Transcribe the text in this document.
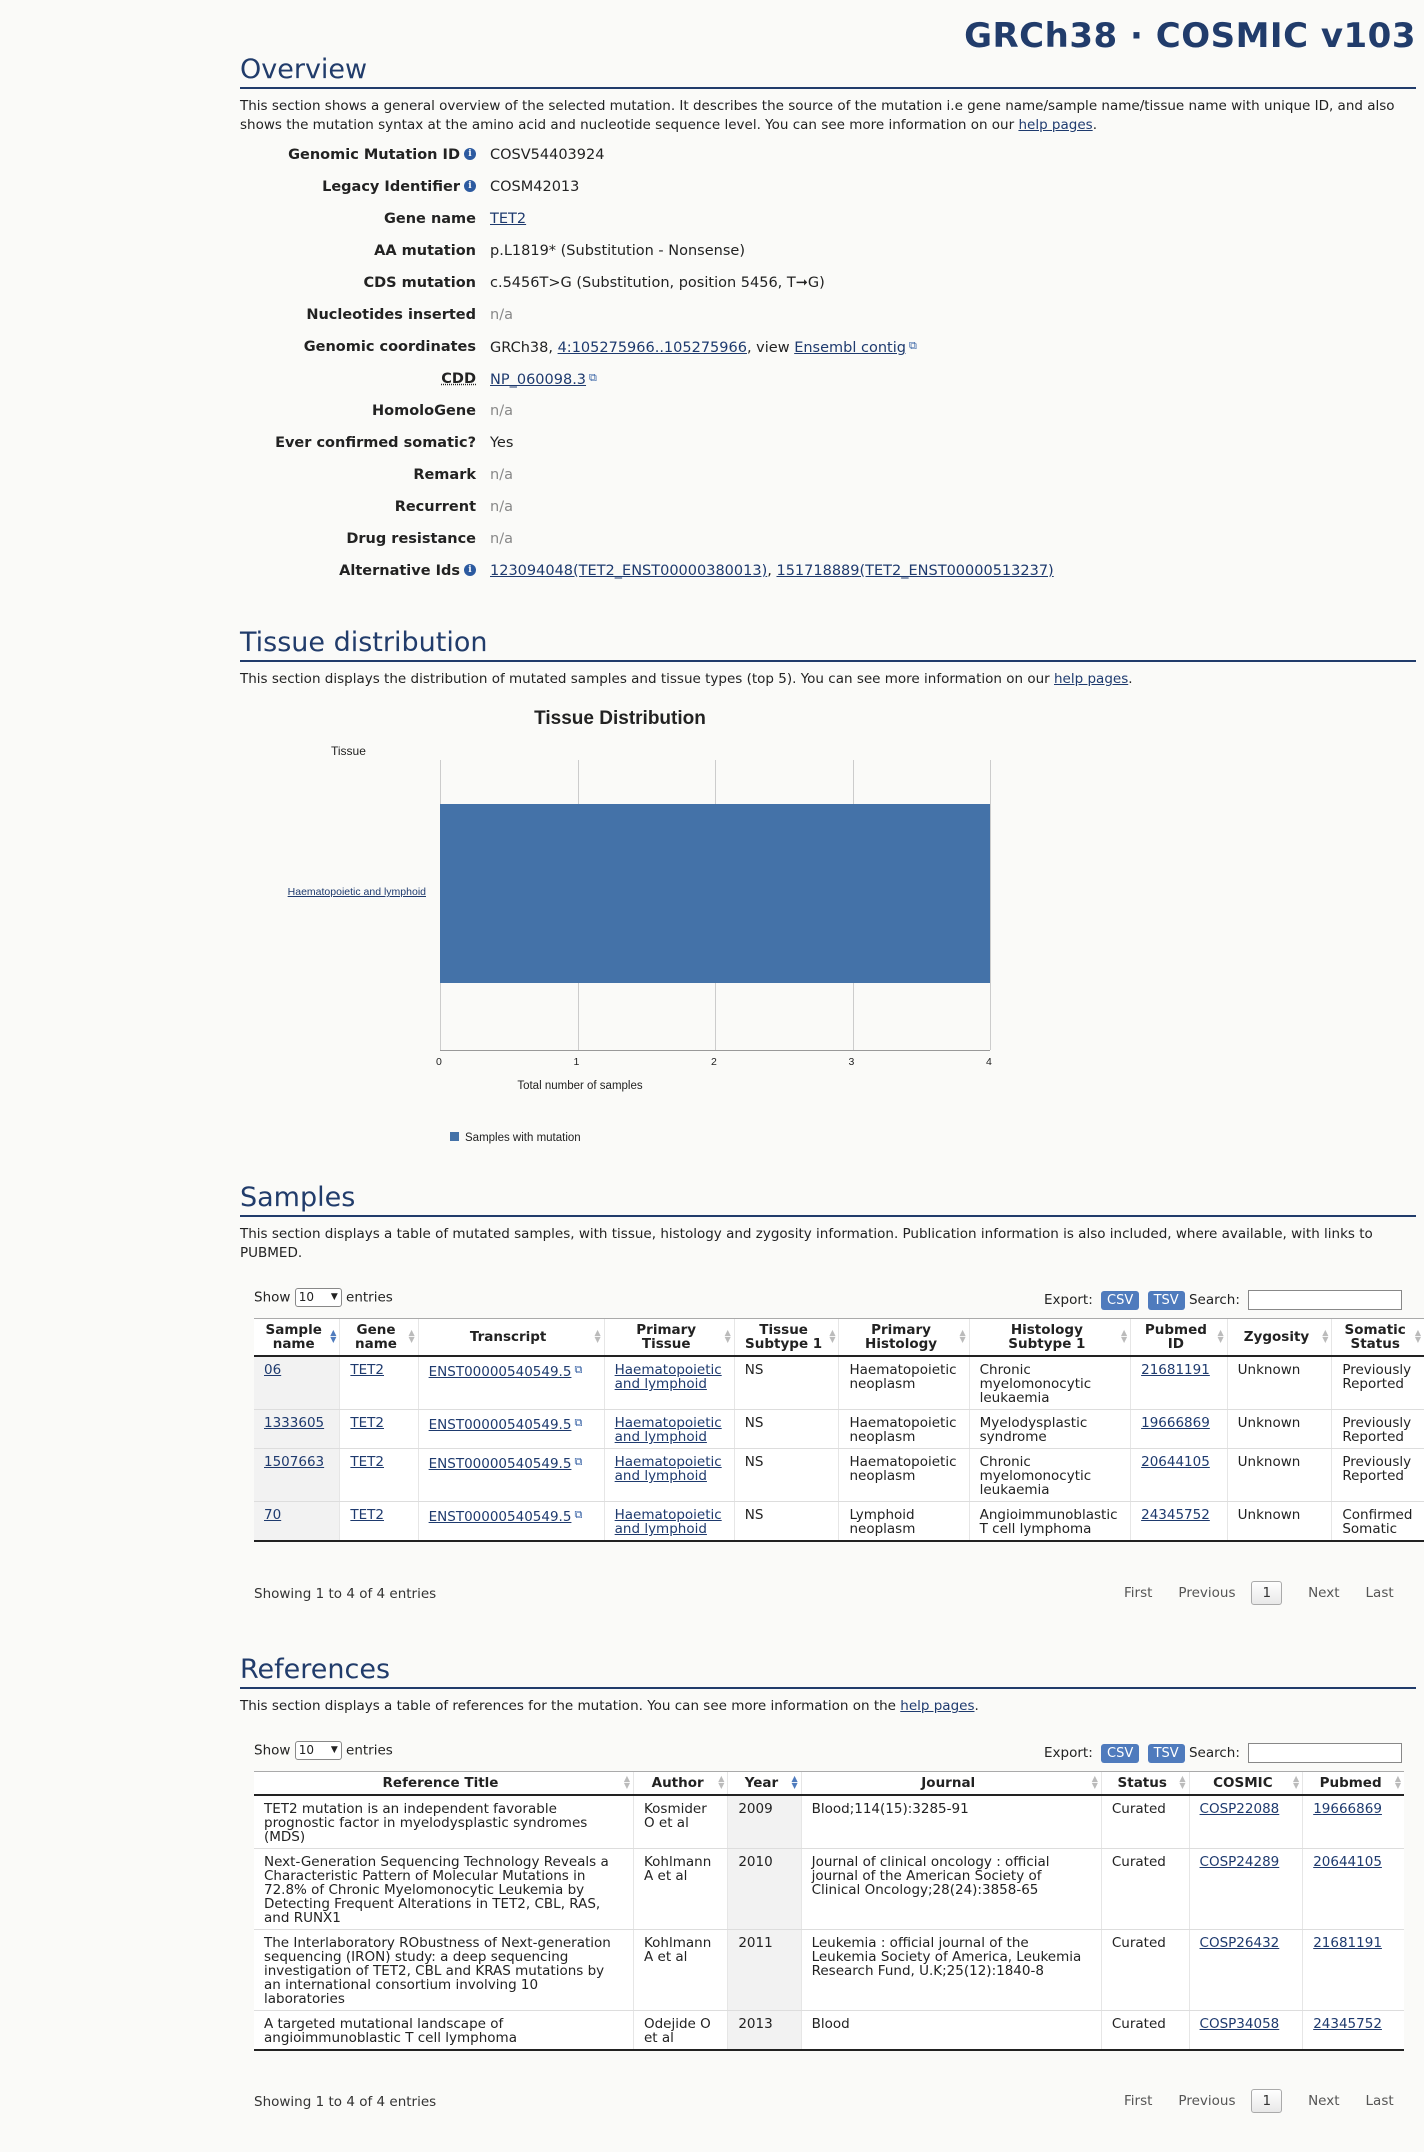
GRCh38 · COSMIC v103
Overview

This section shows a general overview of the selected mutation. It describes the source of the mutation i.e gene name/sample name/tissue name with unique ID, and also shows the mutation syntax at the amino acid and nucleotide sequence level. You can see more information on our help pages.

Genomic Mutation ID i COSV54403924
Legacy Identifier i COSM42013
Gene name TET2
AA mutation p.L1819* (Substitution - Nonsense)
CDS mutation c.5456T>G (Substitution, position 5456, T➞G)
Nucleotides inserted n/a
Genomic coordinates GRCh38, 4:105275966..105275966, view Ensembl contig ⧉
CDD NP_060098.3 ⧉
HomoloGene n/a
Ever confirmed somatic? Yes
Remark n/a
Recurrent n/a
Drug resistance n/a
Alternative Ids i 123094048(TET2_ENST00000380013), 151718889(TET2_ENST00000513237)
Tissue distribution

This section displays the distribution of mutated samples and tissue types (top 5). You can see more information on our help pages.

Tissue Distribution
Tissue
Haematopoietic and lymphoid
0	1	2	3	4
Total number of samples
Samples with mutation
Samples

This section displays a table of mutated samples, with tissue, histology and zygosity information. Publication information is also included, where available, with links to PUBMED.

Show 10 ▼ entries	Export: CSV TSV Search:
Sample name
▲
▼	Gene name
▲
▼	Transcript ▲
▼	Primary Tissue
▲
▼	Tissue Subtype 1
▲
▼	Primary Histology
▲
▼	Histology Subtype 1
▲
▼	Pubmed ID
▲
▼	Zygosity ▲
▼	Somatic Status
▲
▼

06	TET2	ENST00000540549.5 ⧉	Haematopoietic and lymphoid	NS	Haematopoietic neoplasm	Chronic myelomonocytic leukaemia	21681191	Unknown	Previously Reported
1333605	TET2	ENST00000540549.5 ⧉	Haematopoietic and lymphoid	NS	Haematopoietic neoplasm	Myelodysplastic syndrome	19666869	Unknown	Previously Reported
1507663	TET2	ENST00000540549.5 ⧉	Haematopoietic and lymphoid	NS	Haematopoietic neoplasm	Chronic myelomonocytic leukaemia	20644105	Unknown	Previously Reported
70	TET2	ENST00000540549.5 ⧉	Haematopoietic and lymphoid	NS	Lymphoid neoplasm	Angioimmunoblastic T cell lymphoma	24345752	Unknown	Confirmed Somatic
Showing 1 to 4 of 4 entries	First Previous 1	Next Last
References

This section displays a table of references for the mutation. You can see more information on the help pages.

Show 10 ▼ entries	Export: CSV TSV Search:
Reference Title ▲
▼	Author ▲
▼	Year ▲
▼	Journal ▲
▼	Status ▲
▼	COSMIC ▲
▼	Pubmed ▲
▼

TET2 mutation is an independent favorable prognostic factor in myelodysplastic syndromes (MDS)	Kosmider O et al	2009	Blood;114(15):3285-91	Curated	COSP22088	19666869
Next-Generation Sequencing Technology Reveals a Characteristic Pattern of Molecular Mutations in 72.8% of Chronic Myelomonocytic Leukemia by Detecting Frequent Alterations in TET2, CBL, RAS, and RUNX1	Kohlmann A et al	2010	Journal of clinical oncology : official journal of the American Society of Clinical Oncology;28(24):3858-65	Curated	COSP24289	20644105
The Interlaboratory RObustness of Next-generation sequencing (IRON) study: a deep sequencing investigation of TET2, CBL and KRAS mutations by an international consortium involving 10 laboratories	Kohlmann A et al	2011	Leukemia : official journal of the Leukemia Society of America, Leukemia Research Fund, U.K;25(12):1840-8	Curated	COSP26432	21681191
A targeted mutational landscape of angioimmunoblastic T cell lymphoma	Odejide O et al	2013	Blood	Curated	COSP34058	24345752
Showing 1 to 4 of 4 entries	First Previous 1	Next Last
